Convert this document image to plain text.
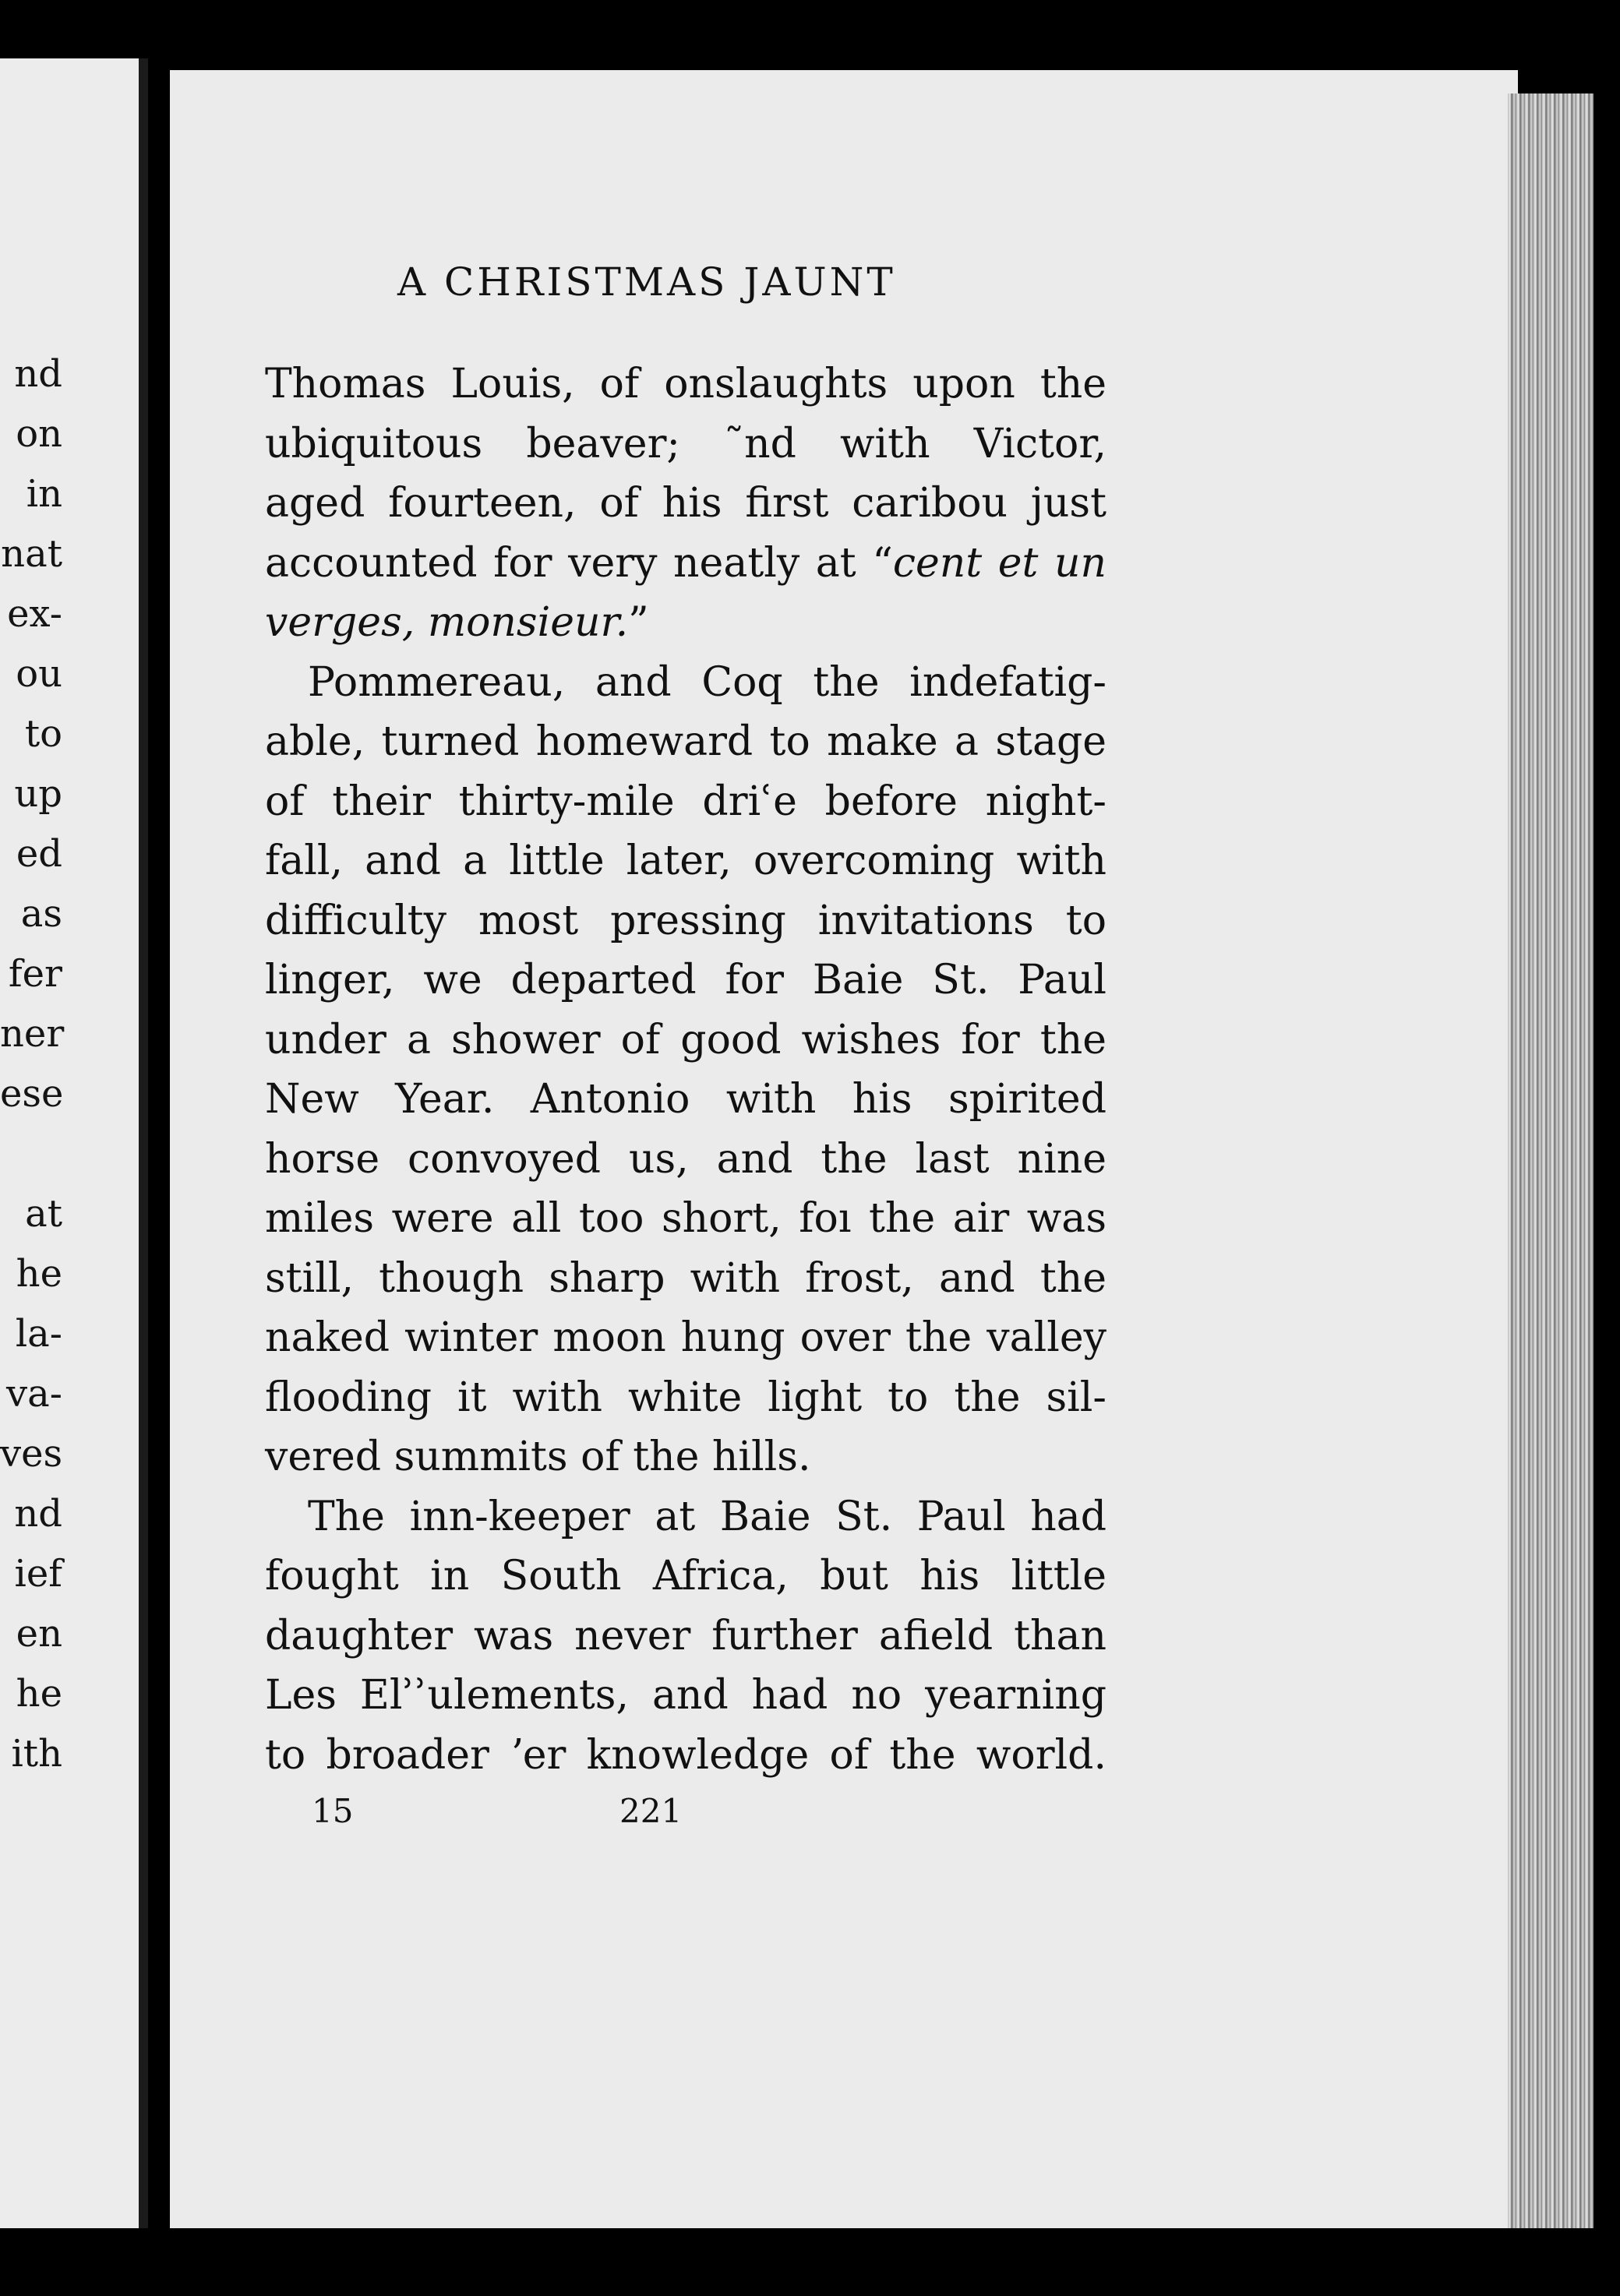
nd
on
in
nat
ex-
ou
to
up
ed
as
fer
ner
ese
at
he
la-
va-
ves
nd
ief
en
he
ith
A CHRISTMAS JAUNT
Thomas Louis, of onslaughts upon the
ubiquitous beaver; ˜nd with Victor,
aged fourteen, of his first caribou just
accounted for very neatly at “cent et un
verges, monsieur.”
Pommereau, and Coq the indefatig-
able, turned homeward to make a stage
of their thirty-mile driʿe before night-
fall, and a little later, overcoming with
difficulty most pressing invitations to
linger, we departed for Baie St. Paul
under a shower of good wishes for the
New Year. Antonio with his spirited
horse convoyed us, and the last nine
miles were all too short, foı the air was
still, though sharp with frost, and the
naked winter moon hung over the valley
flooding it with white light to the sil-
vered summits of the hills.
The inn-keeper at Baie St. Paul had
fought in South Africa, but his little
daughter was never further afield than
Les Elʾʾulements, and had no yearning
to broader ʼer knowledge of the world.
15	221
